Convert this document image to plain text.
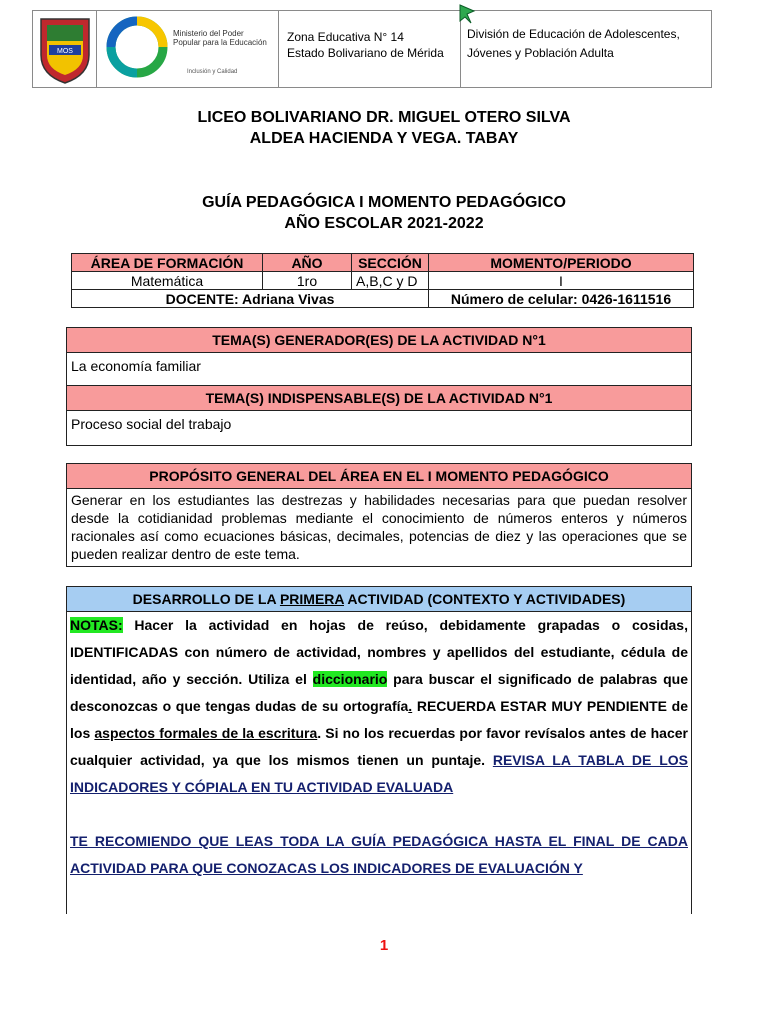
MOS
Ministerio del Poder Popular para la Educación
Inclusión y Calidad
Zona Educativa N° 14
Estado Bolivariano de Mérida
División de Educación de Adolescentes,
Jóvenes y Población Adulta
LICEO BOLIVARIANO DR. MIGUEL OTERO SILVA
ALDEA HACIENDA Y VEGA. TABAY
GUÍA PEDAGÓGICA I MOMENTO PEDAGÓGICO
AÑO ESCOLAR 2021-2022
ÁREA DE FORMACIÓN	AÑO	SECCIÓN	MOMENTO/PERIODO
Matemática	1ro	A,B,C y D	I
DOCENTE: Adriana Vivas			Número de celular: 0426-1611516
TEMA(S) GENERADOR(ES) DE LA ACTIVIDAD N°1
La economía familiar
TEMA(S) INDISPENSABLE(S) DE LA ACTIVIDAD N°1
Proceso social del trabajo
PROPÓSITO GENERAL DEL ÁREA EN EL I MOMENTO PEDAGÓGICO
Generar en los estudiantes las destrezas y habilidades necesarias para que puedan resolver desde la cotidianidad problemas mediante el conocimiento de números enteros y números racionales así como ecuaciones básicas, decimales, potencias de diez y las operaciones que se pueden realizar dentro de este tema.
DESARROLLO DE LA PRIMERA ACTIVIDAD (CONTEXTO Y ACTIVIDADES)
NOTAS: Hacer la actividad en hojas de reúso, debidamente grapadas o cosidas, IDENTIFICADAS con número de actividad, nombres y apellidos del estudiante, cédula de identidad, año y sección. Utiliza el diccionario para buscar el significado de palabras que desconozcas o que tengas dudas de su ortografía. RECUERDA ESTAR MUY PENDIENTE de los aspectos formales de la escritura. Si no los recuerdas por favor revísalos antes de hacer cualquier actividad, ya que los mismos tienen un puntaje. REVISA LA TABLA DE LOS INDICADORES Y CÓPIALA EN TU ACTIVIDAD EVALUADA
TE RECOMIENDO QUE LEAS TODA LA GUÍA PEDAGÓGICA HASTA EL FINAL DE CADA ACTIVIDAD PARA QUE CONOZACAS LOS INDICADORES DE EVALUACIÓN Y
1
